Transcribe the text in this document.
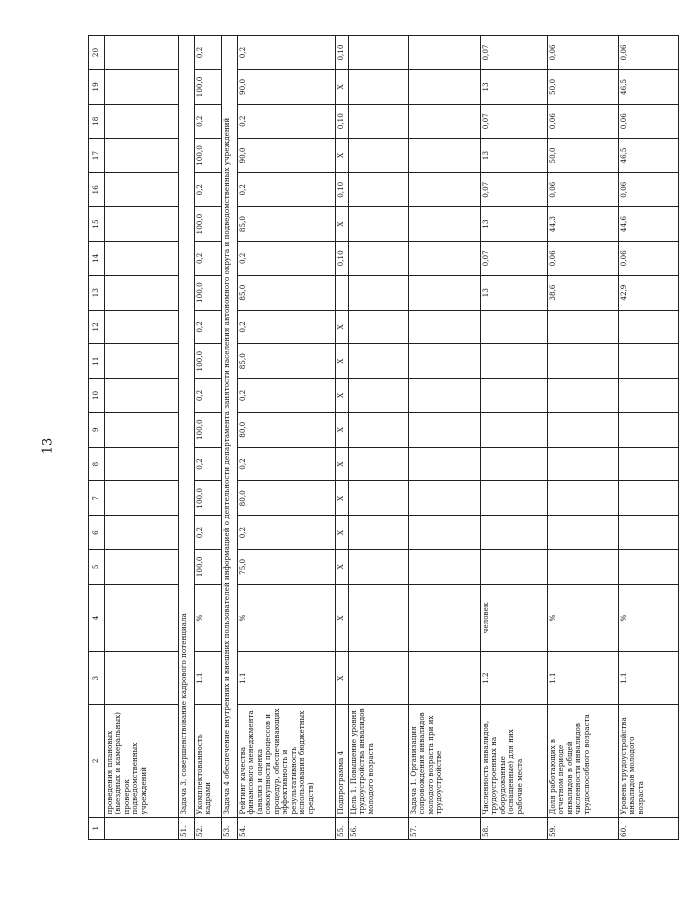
13
1	2	3	4	5	6	7	8	9	10	11	12	13	14	15	16	17	18	19	20
	проведения плановых (выездных и камеральных) проверок подведомственных учреждений																		
51.	Задача 3. совершенствование кадрового потенциала																		
52.	Укомплектованность кадрами	1.1	%	100,0	0,2	100,0	0,2	100,0	0,2	100,0	0,2	100,0	0,2	100,0	0,2	100,0	0,2	100,0	0,2
53.	Задача 4 обеспечение внутренних и внешних пользователей информацией о деятельности департамента занятости населения автономного округа и подведомственных учреждений																		
54.	Рейтинг качества финансового менеджмента (анализ и оценка совокупности процессов и процедур, обеспечивающих эффективность и результативность использования бюджетных средств)	1.1	%	75,0	0,2	80,0	0,2	80,0	0,2	85,0	0,2	85,0	0,2	85,0	0,2	90,0	0,2	90,0	0,2
55.	Подпрограмма 4	X	X	X	X	X	X	X	X	X	X		0,10	X	0,10	X	0,10	X	0,10
56.	Цель 1. Повышение уровня трудоустройства инвалидов молодого возраста																		
57.	Задача 1. Организация сопровождения инвалидов молодого возраста при их трудоустройстве																		
58.	Численность инвалидов, трудоустроенных на оборудованные (оснащенные) для них рабочие места	1.2	человек									13	0,07	13	0,07	13	0,07	13	0,07
59.	Доля работающих в отчетном периоде инвалидов в общей численности инвалидов трудоспособного возраста	1.1	%									38,6	0,06	44,3	0,06	50,0	0,06	50,0	0,06
60.	Уровень трудоустройства инвалидов молодого возраста	1.1	%									42,9	0,06	44,6	0,06	46,5	0,06	46,5	0,06
